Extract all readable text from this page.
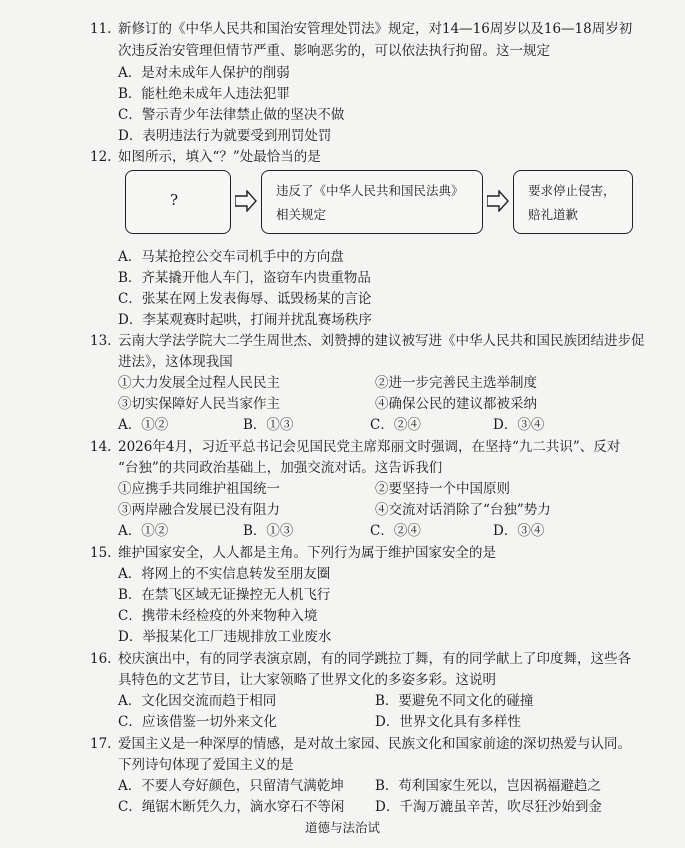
11. 新修订的《中华人民共和国治安管理处罚法》规定，对14—16周岁以及16—18周岁初
次违反治安管理但情节严重、影响恶劣的，可以依法执行拘留。这一规定
A．是对未成年人保护的削弱
B．能杜绝未成年人违法犯罪
C．警示青少年法律禁止做的坚决不做
D．表明违法行为就要受到刑罚处罚
12. 如图所示，填入“？”处最恰当的是
?
违反了《中华人民共和国民法典》
相关规定
要求停止侵害，
赔礼道歉
A．马某抢控公交车司机手中的方向盘
B．齐某撬开他人车门，盗窃车内贵重物品
C．张某在网上发表侮辱、诋毁杨某的言论
D．李某观赛时起哄，打闹并扰乱赛场秩序
13. 云南大学法学院大二学生周世杰、刘赞搏的建议被写进《中华人民共和国民族团结进步促
进法》，这体现我国
①大力发展全过程人民民主	②进一步完善民主选举制度
③切实保障好人民当家作主	④确保公民的建议都被采纳
A．①②	B．①③	C．②④	D．③④
14. 2026年4月，习近平总书记会见国民党主席郑丽文时强调，在坚持“九二共识”、反对
“台独”的共同政治基础上，加强交流对话。这告诉我们
①应携手共同维护祖国统一	②要坚持一个中国原则
③两岸融合发展已没有阻力	④交流对话消除了“台独”势力
A．①②	B．①③	C．②④	D．③④
15. 维护国家安全，人人都是主角。下列行为属于维护国家安全的是
A．将网上的不实信息转发至朋友圈
B．在禁飞区域无证操控无人机飞行
C．携带未经检疫的外来物种入境
D．举报某化工厂违规排放工业废水
16. 校庆演出中，有的同学表演京剧，有的同学跳拉丁舞，有的同学献上了印度舞，这些各
具特色的文艺节目，让大家领略了世界文化的多姿多彩。这说明
A．文化因交流而趋于相同	B．要避免不同文化的碰撞
C．应该借鉴一切外来文化	D．世界文化具有多样性
17. 爱国主义是一种深厚的情感，是对故土家园、民族文化和国家前途的深切热爱与认同。
下列诗句体现了爱国主义的是
A．不要人夸好颜色，只留清气满乾坤 B．苟利国家生死以，岂因祸福避趋之
C．绳锯木断凭久力，滴水穿石不等闲 D．千淘万漉虽辛苦，吹尽狂沙始到金
道德与法治试
